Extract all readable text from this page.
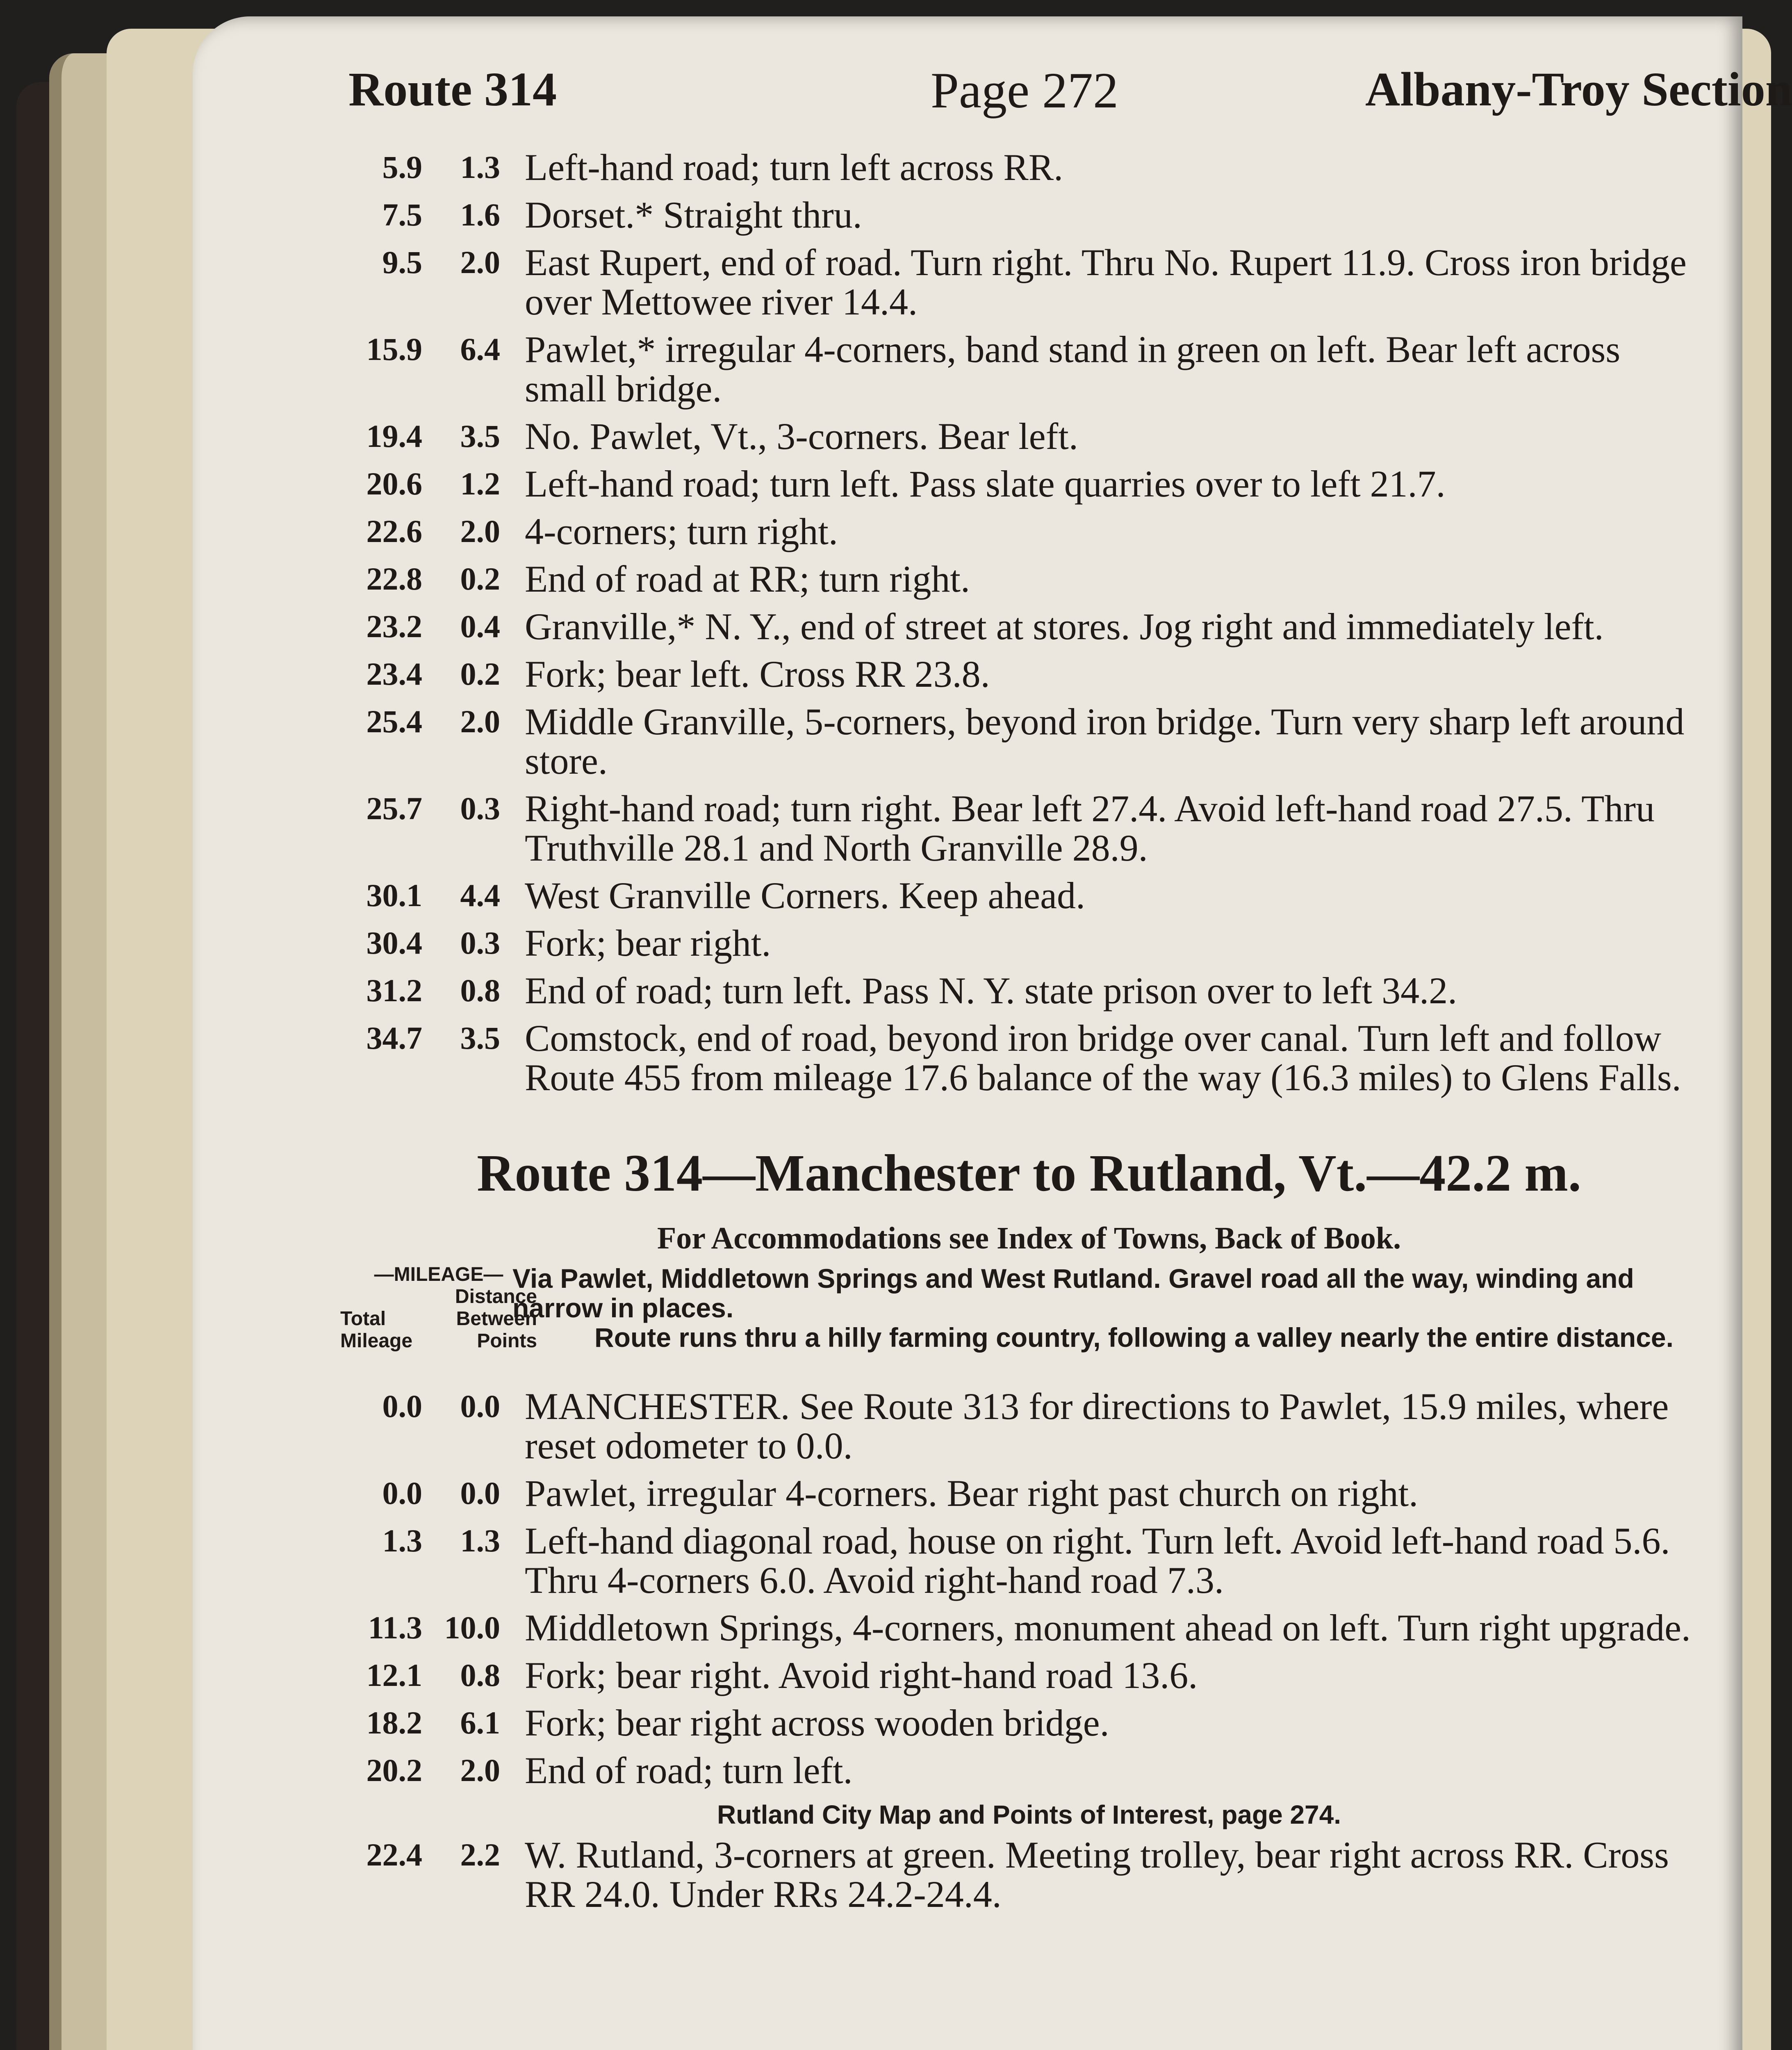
Route 314	Page 272	Albany-Troy Section
5.9	1.3 Left-hand road; turn left across RR.
7.5	1.6 Dorset.* Straight thru.
9.5	2.0 East Rupert, end of road. Turn right. Thru No. Rupert 11.9. Cross iron bridge over Mettowee river 14.4.
15.9	6.4 Pawlet,* irregular 4-corners, band stand in green on left. Bear left across small bridge.
19.4	3.5 No. Pawlet, Vt., 3-corners. Bear left.
20.6	1.2 Left-hand road; turn left. Pass slate quarries over to left 21.7.
22.6	2.0 4-corners; turn right.
22.8	0.2 End of road at RR; turn right.
23.2	0.4 Granville,* N. Y., end of street at stores. Jog right and immediately left.
23.4	0.2 Fork; bear left. Cross RR 23.8.
25.4	2.0 Middle Granville, 5-corners, beyond iron bridge. Turn very sharp left around store.
25.7	0.3 Right-hand road; turn right. Bear left 27.4. Avoid left-hand road 27.5. Thru Truthville 28.1 and North Granville 28.9.
30.1	4.4 West Granville Corners. Keep ahead.
30.4	0.3 Fork; bear right.
31.2	0.8 End of road; turn left. Pass N. Y. state prison over to left 34.2.
34.7	3.5 Comstock, end of road, beyond iron bridge over canal. Turn left and follow Route 455 from mileage 17.6 balance of the way (16.3 miles) to Glens Falls.
Route 314—Manchester to Rutland, Vt.—42.2 m.
For Accommodations see Index of Towns, Back of Book.
—MILEAGE—
Distance
Total	Between
Mileage	Points

Via Pawlet, Middletown Springs and West Rutland. Gravel road all the way, winding and narrow in places.

Route runs thru a hilly farming country, following a valley nearly the entire distance.

0.0	0.0 MANCHESTER. See Route 313 for directions to Pawlet, 15.9 miles, where reset odometer to 0.0.
0.0	0.0 Pawlet, irregular 4-corners. Bear right past church on right.
1.3	1.3 Left-hand diagonal road, house on right. Turn left. Avoid left-hand road 5.6. Thru 4-corners 6.0. Avoid right-hand road 7.3.
11.3 10.0 Middletown Springs, 4-corners, monument ahead on left. Turn right upgrade.
12.1	0.8 Fork; bear right. Avoid right-hand road 13.6.
18.2	6.1 Fork; bear right across wooden bridge.
20.2	2.0 End of road; turn left.
Rutland City Map and Points of Interest, page 274.
22.4	2.2 W. Rutland, 3-corners at green. Meeting trolley, bear right across RR. Cross RR 24.0. Under RRs 24.2-24.4.
